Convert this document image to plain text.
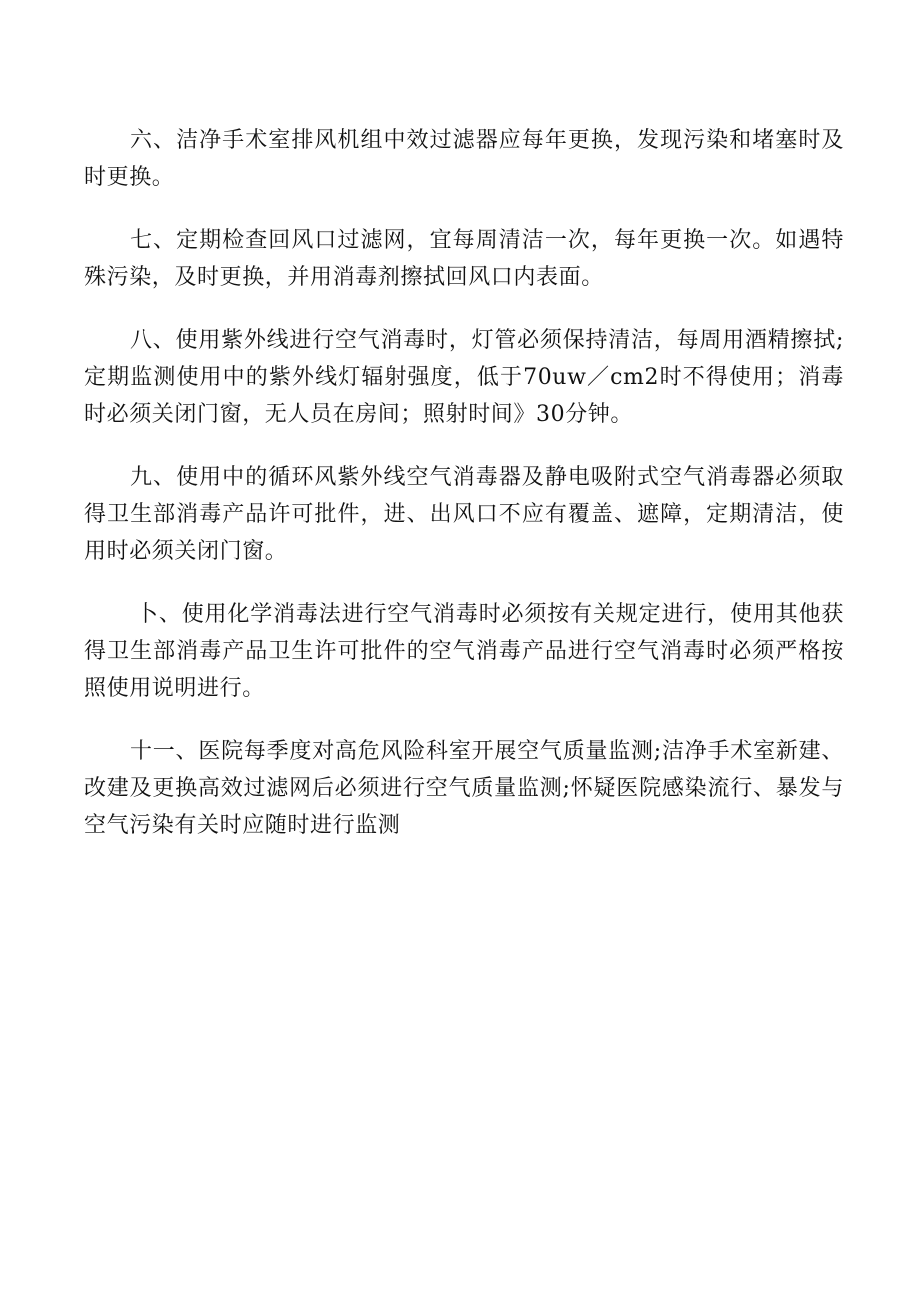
六、洁净手术室排风机组中效过滤器应每年更换，发现污染和堵塞时及时更换。

七、定期检查回风口过滤网，宜每周清洁一次，每年更换一次。如遇特殊污染，及时更换，并用消毒剂擦拭回风口内表面。

八、使用紫外线进行空气消毒时，灯管必须保持清洁，每周用酒精擦拭;定期监测使用中的紫外线灯辐射强度，低于70uw／cm2时不得使用；消毒时必须关闭门窗，无人员在房间；照射时间》30分钟。

九、使用中的循环风紫外线空气消毒器及静电吸附式空气消毒器必须取得卫生部消毒产品许可批件，进、出风口不应有覆盖、遮障，定期清洁，使用时必须关闭门窗。

卜、使用化学消毒法进行空气消毒时必须按有关规定进行，使用其他获得卫生部消毒产品卫生许可批件的空气消毒产品进行空气消毒时必须严格按照使用说明进行。

十一、医院每季度对高危风险科室开展空气质量监测;洁净手术室新建、改建及更换高效过滤网后必须进行空气质量监测;怀疑医院感染流行、暴发与空气污染有关时应随时进行监测
